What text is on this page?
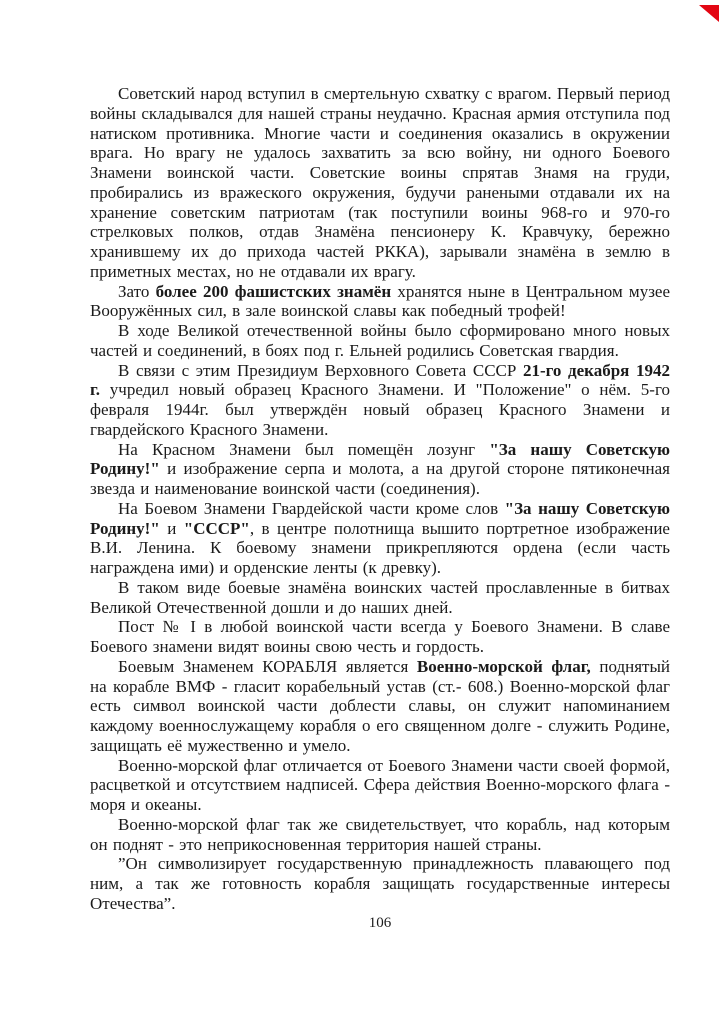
Советский народ вступил в смертельную схватку с врагом. Первый период войны складывался для нашей страны неудачно. Красная армия отступила под натиском противника. Многие части и соединения оказались в окружении врага. Но врагу не удалось захватить за всю войну, ни одного Боевого Знамени воинской части. Советские воины спрятав Знамя на груди, пробирались из вражеского окружения, будучи ранеными отдавали их на хранение советским патриотам (так поступили воины 968-го и 970-го стрелковых полков, отдав Знамёна пенсионеру К. Кравчуку, бережно хранившему их до прихода частей РККА), зарывали знамёна в землю в приметных местах, но не отдавали их врагу.

Зато более 200 фашистских знамён хранятся ныне в Центральном музее Вооружённых сил, в зале воинской славы как победный трофей!

В ходе Великой отечественной войны было сформировано много новых частей и соединений, в боях под г. Ельней родились Советская гвардия.

В связи с этим Президиум Верховного Совета СССР 21-го декабря 1942 г. учредил новый образец Красного Знамени. И "Положение" о нём. 5-го февраля 1944г. был утверждён новый образец Красного Знамени и гвардейского Красного Знамени.

На Красном Знамени был помещён лозунг "За нашу Советскую Родину!" и изображение серпа и молота, а на другой стороне пятиконечная звезда и наименование воинской части (соединения).

На Боевом Знамени Гвардейской части кроме слов "За нашу Советскую Родину!" и "СССР", в центре полотнища вышито портретное изображение В.И. Ленина. К боевому знамени прикрепляются ордена (если часть награждена ими) и орденские ленты (к древку).

В таком виде боевые знамёна воинских частей прославленные в битвах Великой Отечественной дошли и до наших дней.

Пост № I в любой воинской части всегда у Боевого Знамени. В славе Боевого знамени видят воины свою честь и гордость.

Боевым Знаменем КОРАБЛЯ является Военно-морской флаг, поднятый на корабле ВМФ - гласит корабельный устав (ст.- 608.) Военно-морской флаг есть символ воинской части доблести славы, он служит напоминанием каждому военнослужащему корабля о его священном долге - служить Родине, защищать её мужественно и умело.

Военно-морской флаг отличается от Боевого Знамени части своей формой, расцветкой и отсутствием надписей. Сфера действия Военно-морского флага - моря и океаны.

Военно-морской флаг так же свидетельствует, что корабль, над которым он поднят - это неприкосновенная территория нашей страны.

”Он символизирует государственную принадлежность плавающего под ним, а так же готовность корабля защищать государственные интересы Отечества”.

106
